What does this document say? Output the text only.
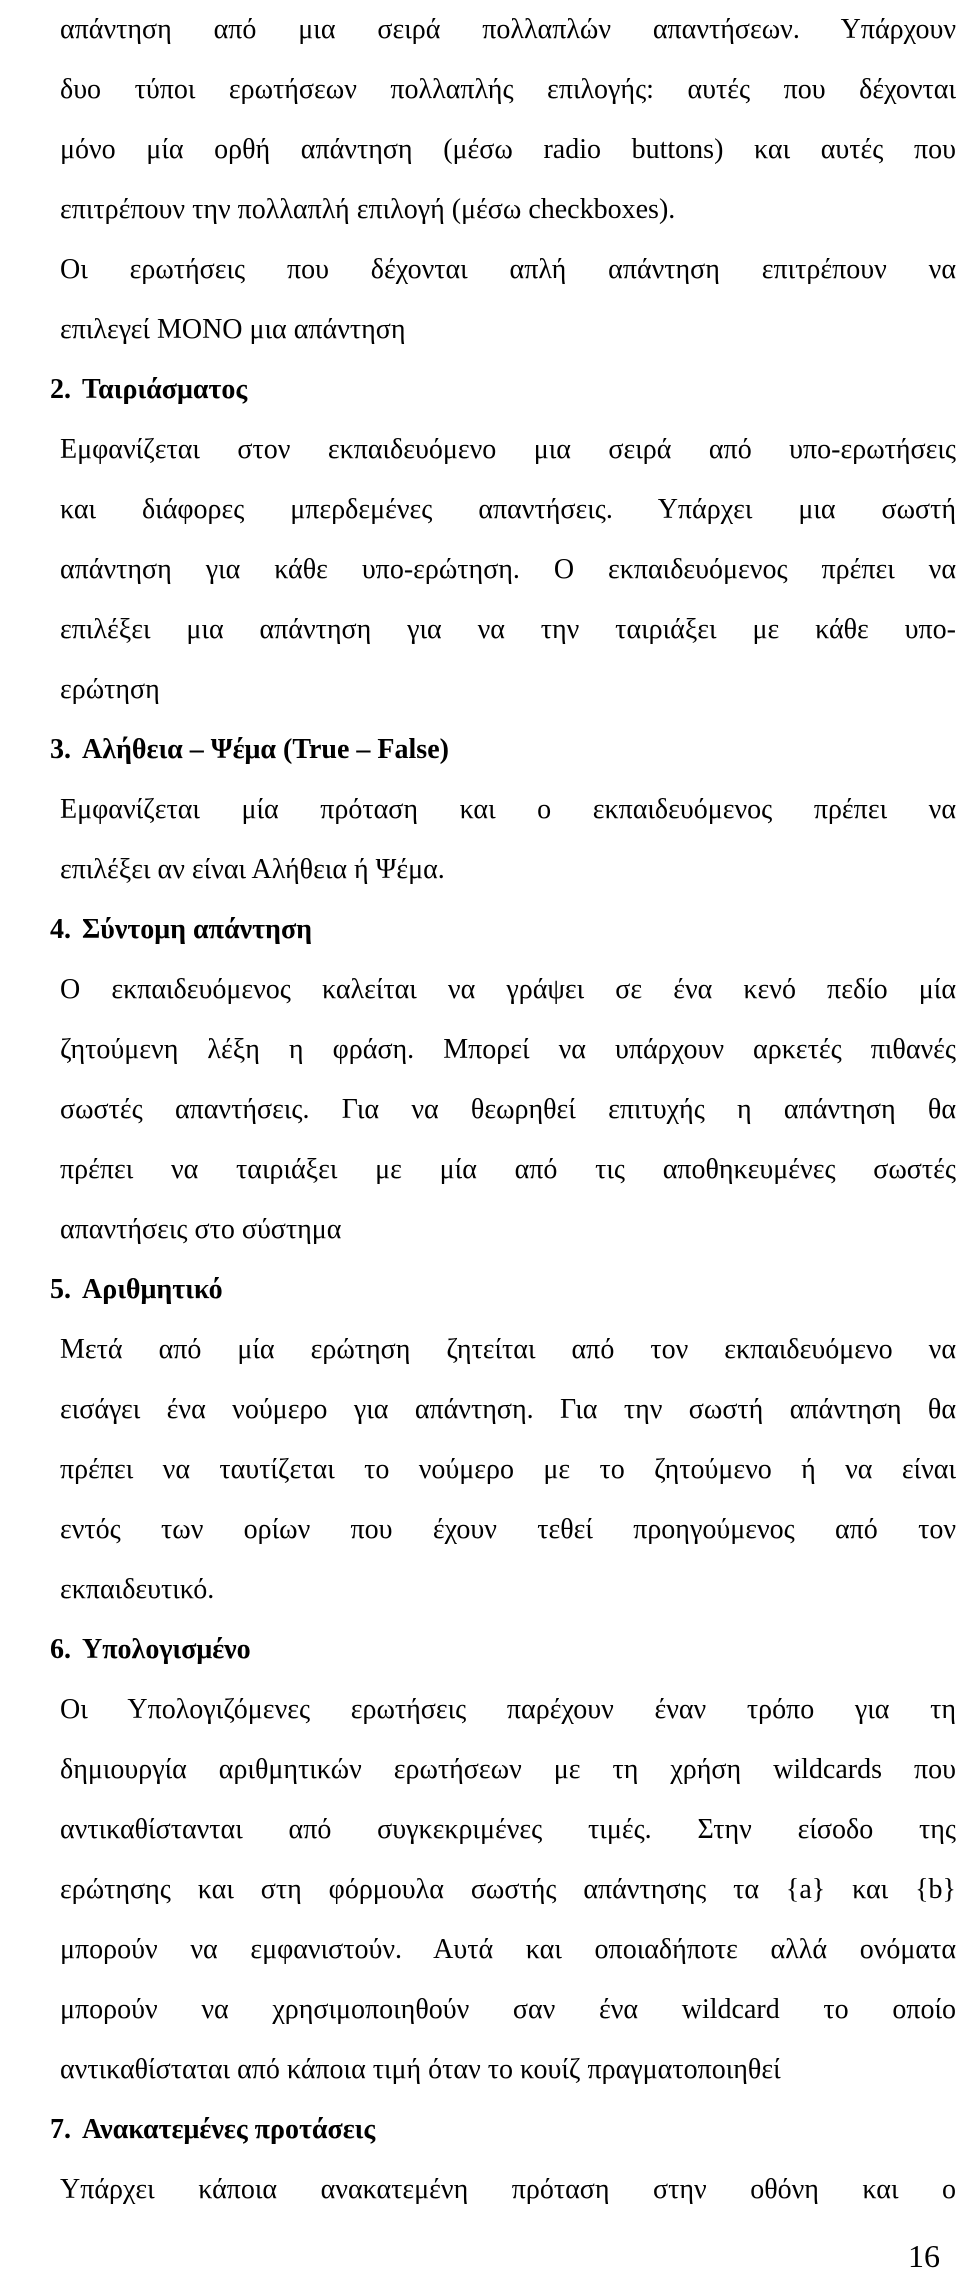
απάντηση από μια σειρά πολλαπλών απαντήσεων. Υπάρχουν
δυο τύποι ερωτήσεων πολλαπλής επιλογής: αυτές που δέχονται
μόνο μία ορθή απάντηση (μέσω radio buttons) και αυτές που
επιτρέπουν την πολλαπλή επιλογή (μέσω checkboxes).
Οι ερωτήσεις που δέχονται απλή απάντηση επιτρέπουν να
επιλεγεί ΜΟΝΟ μια απάντηση
2. Ταιριάσματος
Εμφανίζεται στον εκπαιδευόμενο μια σειρά από υπο-ερωτήσεις
και διάφορες μπερδεμένες απαντήσεις. Υπάρχει μια σωστή
απάντηση για κάθε υπο-ερώτηση. Ο εκπαιδευόμενος πρέπει να
επιλέξει μια απάντηση για να την ταιριάξει με κάθε υπο-
ερώτηση
3. Αλήθεια – Ψέμα (True – False)
Εμφανίζεται μία πρόταση και ο εκπαιδευόμενος πρέπει να
επιλέξει αν είναι Αλήθεια ή Ψέμα.
4. Σύντομη απάντηση
Ο εκπαιδευόμενος καλείται να γράψει σε ένα κενό πεδίο μία
ζητούμενη λέξη η φράση. Μπορεί να υπάρχουν αρκετές πιθανές
σωστές απαντήσεις. Για να θεωρηθεί επιτυχής η απάντηση θα
πρέπει να ταιριάξει με μία από τις αποθηκευμένες σωστές
απαντήσεις στο σύστημα
5. Αριθμητικό
Μετά από μία ερώτηση ζητείται από τον εκπαιδευόμενο να
εισάγει ένα νούμερο για απάντηση. Για την σωστή απάντηση θα
πρέπει να ταυτίζεται το νούμερο με το ζητούμενο ή να είναι
εντός των ορίων που έχουν τεθεί προηγούμενος από τον
εκπαιδευτικό.
6. Υπολογισμένο
Οι Υπολογιζόμενες ερωτήσεις παρέχουν έναν τρόπο για τη
δημιουργία αριθμητικών ερωτήσεων με τη χρήση wildcards που
αντικαθίστανται από συγκεκριμένες τιμές. Στην είσοδο της
ερώτησης και στη φόρμουλα σωστής απάντησης τα {a} και {b}
μπορούν να εμφανιστούν. Αυτά και οποιαδήποτε αλλά ονόματα
μπορούν να χρησιμοποιηθούν σαν ένα wildcard το οποίο
αντικαθίσταται από κάποια τιμή όταν το κουίζ πραγματοποιηθεί
7. Ανακατεμένες προτάσεις
Υπάρχει κάποια ανακατεμένη πρόταση στην οθόνη και ο
16
